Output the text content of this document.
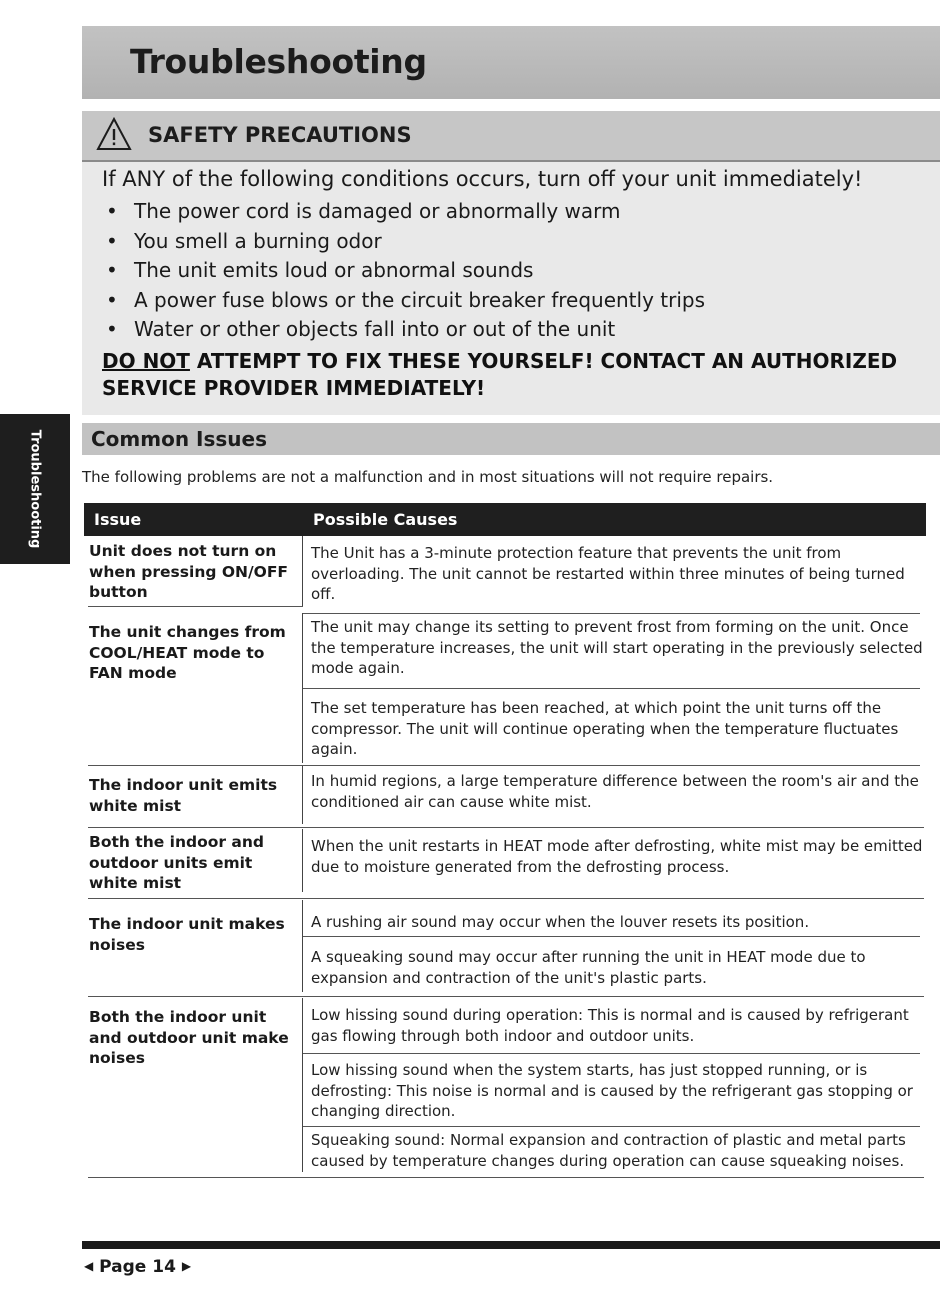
Troubleshooting
SAFETY PRECAUTIONS

If ANY of the following conditions occurs, turn off your unit immediately!

• The power cord is damaged or abnormally warm
• You smell a burning odor
• The unit emits loud or abnormal sounds
• A power fuse blows or the circuit breaker frequently trips
• Water or other objects fall into or out of the unit

DO NOT ATTEMPT TO FIX THESE YOURSELF! CONTACT AN AUTHORIZED
SERVICE PROVIDER IMMEDIATELY!

Troubleshooting Common Issues

The following problems are not a malfunction and in most situations will not require repairs.

Issue	Possible Causes

Unit does not turn on when pressing ON/OFF button

The Unit has a 3-minute protection feature that prevents the unit from overloading. The unit cannot be restarted within three minutes of being turned off.

The unit changes from COOL/HEAT mode to FAN mode

The unit may change its setting to prevent frost from forming on the unit. Once the temperature increases, the unit will start operating in the previously selected mode again.

The set temperature has been reached, at which point the unit turns off the compressor. The unit will continue operating when the temperature fluctuates again.

The indoor unit emits white mist

In humid regions, a large temperature difference between the room's air and the conditioned air can cause white mist.

Both the indoor and outdoor units emit white mist

When the unit restarts in HEAT mode after defrosting, white mist may be emitted due to moisture generated from the defrosting process.

The indoor unit makes noises

A rushing air sound may occur when the louver resets its position.

A squeaking sound may occur after running the unit in HEAT mode due to expansion and contraction of the unit's plastic parts.

Both the indoor unit and outdoor unit make noises

Low hissing sound during operation: This is normal and is caused by refrigerant gas flowing through both indoor and outdoor units.

Low hissing sound when the system starts, has just stopped running, or is defrosting: This noise is normal and is caused by the refrigerant gas stopping or changing direction.

Squeaking sound: Normal expansion and contraction of plastic and metal parts caused by temperature changes during operation can cause squeaking noises.

◀ Page 14 ▶
